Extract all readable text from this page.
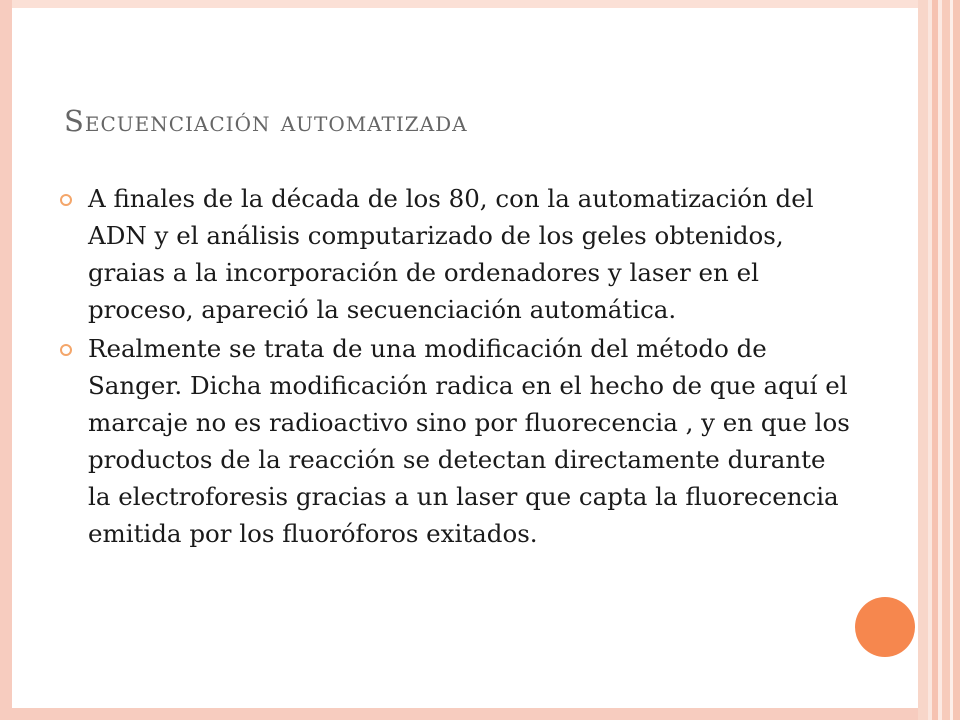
Secuenciación automatizada
A finales de la década de los 80, con la automatización del ADN y el análisis computarizado de los geles obtenidos, graias a la incorporación de ordenadores y laser en el proceso, apareció la secuenciación automática.
Realmente se trata de una modificación del método de Sanger. Dicha modificación radica en el hecho de que aquí el marcaje no es radioactivo sino por fluorecencia , y en que los productos de la reacción se detectan directamente durante la electroforesis gracias a un laser que capta la fluorecencia emitida por los fluoróforos exitados.
